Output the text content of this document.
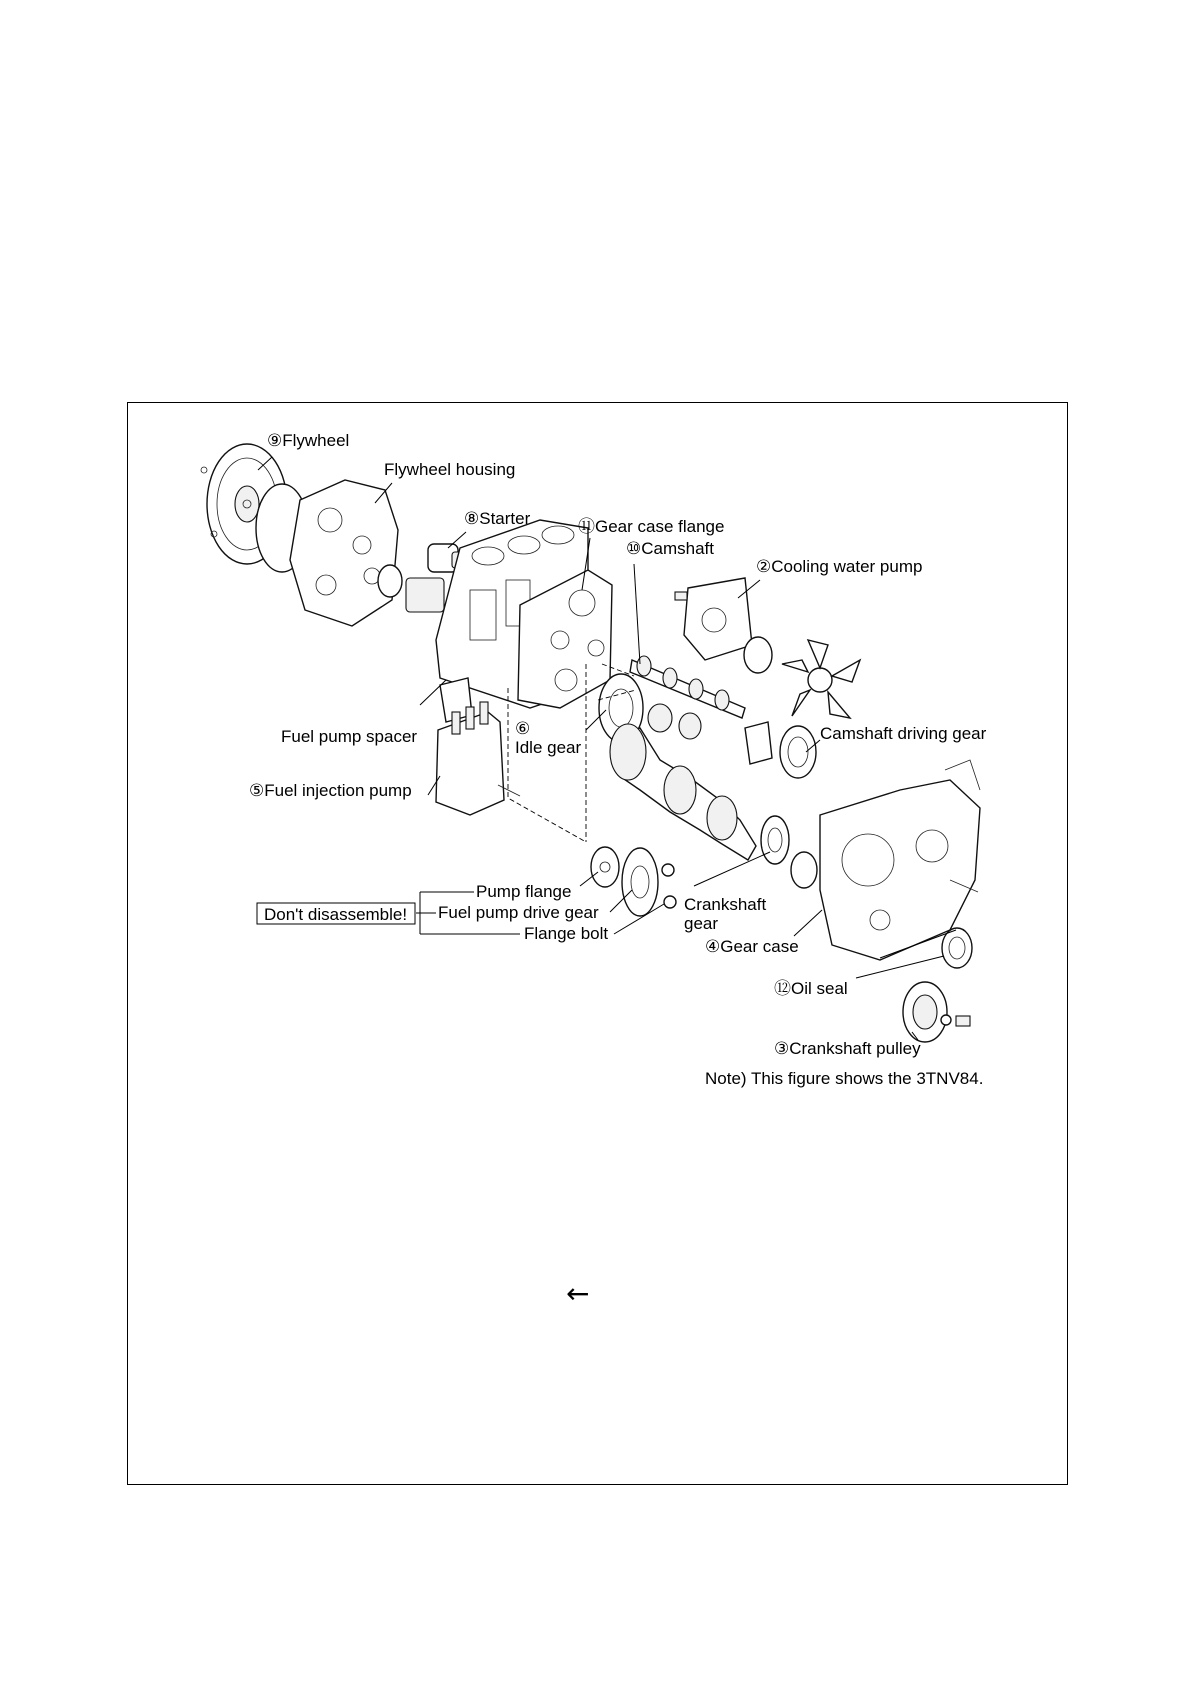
⑨Flywheel
Flywheel housing
⑧Starter	⑪Gear case flange
⑩Camshaft
②Cooling water pump
Fuel pump spacer	⑥
Idle gear
Camshaft driving gear
⑤Fuel injection pump
Pump flange
Don't disassemble! Fuel pump drive gear
Flange bolt
Crankshaft
gear
④Gear case
⑫Oil seal
③Crankshaft pulley
Note) This figure shows the 3TNV84.
←
